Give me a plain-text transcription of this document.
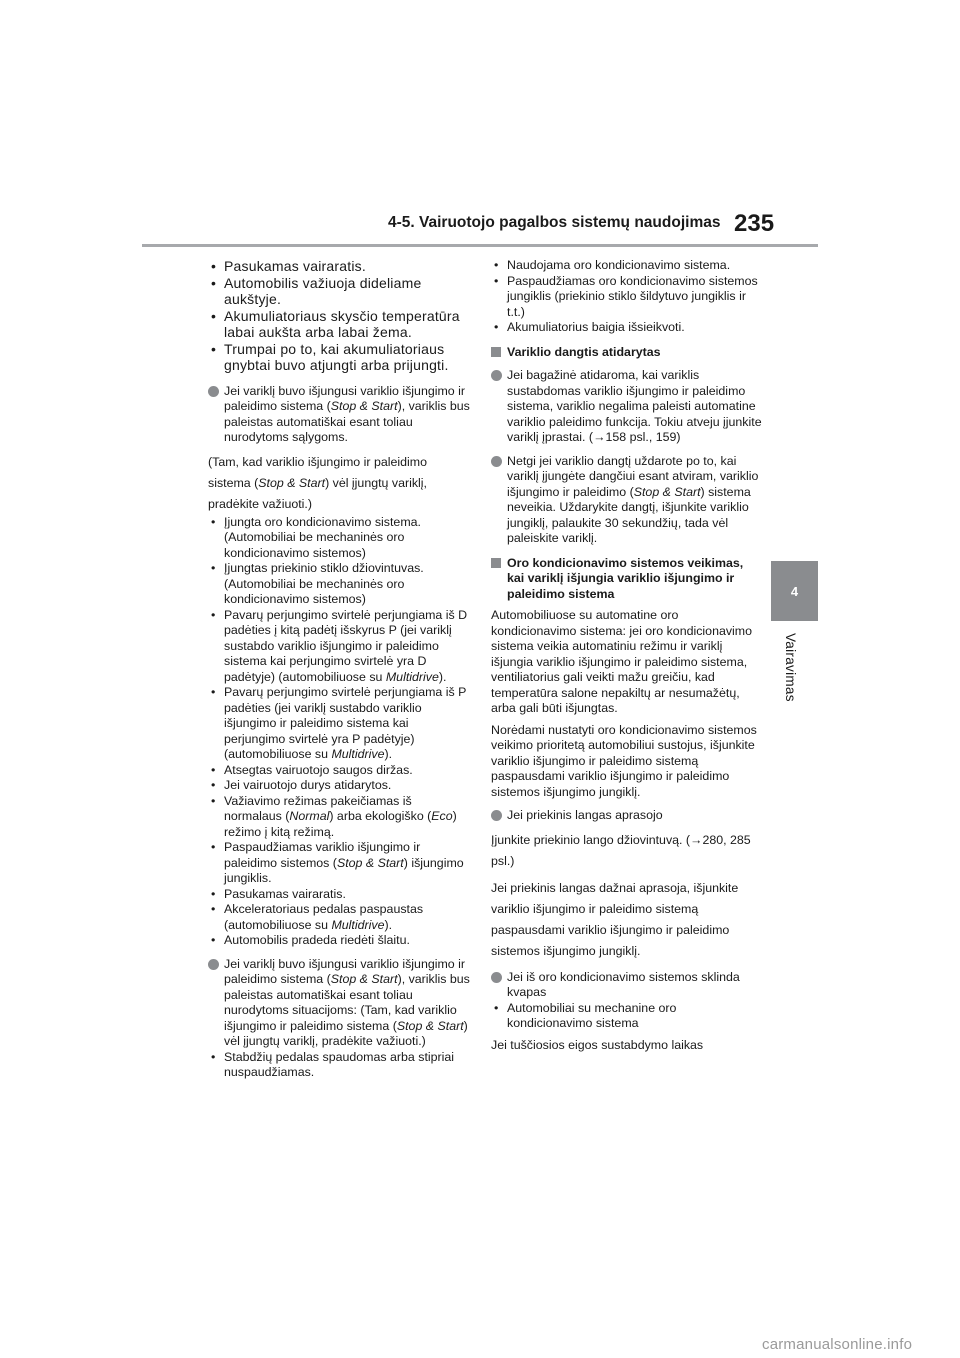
4-5. Vairuotojo pagalbos sistemų naudojimas 235
4
Vairavimas
• Pasukamas vairaratis.
• Automobilis važiuoja dideliame aukštyje.
• Akumuliatoriaus skysčio temperatūra labai aukšta arba labai žema.
• Trumpai po to, kai akumuliatoriaus gnybtai buvo atjungti arba prijungti.
Jei variklį buvo išjungusi variklio išjungimo ir paleidimo sistema (Stop & Start), variklis bus paleistas automatiškai esant toliau nurodytoms sąlygoms.

(Tam, kad variklio išjungimo ir paleidimo sistema (Stop & Start) vėl įjungtų variklį, pradėkite važiuoti.)

• Įjungta oro kondicionavimo sistema. (Automobiliai be mechaninės oro kondicionavimo sistemos)
• Įjungtas priekinio stiklo džiovintuvas. (Automobiliai be mechaninės oro kondicionavimo sistemos)
• Pavarų perjungimo svirtelė perjungiama iš D padėties į kitą padėtį išskyrus P (jei variklį sustabdo variklio išjungimo ir paleidimo sistema kai perjungimo svirtelė yra D padėtyje) (automobiliuose su Multidrive).
• Pavarų perjungimo svirtelė perjungiama iš P padėties (jei variklį sustabdo variklio išjungimo ir paleidimo sistema kai perjungimo svirtelė yra P padėtyje) (automobiliuose su Multidrive).
• Atsegtas vairuotojo saugos diržas.
• Jei vairuotojo durys atidarytos.
• Važiavimo režimas pakeičiamas iš normalaus (Normal) arba ekologiško (Eco) režimo į kitą režimą.
• Paspaudžiamas variklio išjungimo ir paleidimo sistemos (Stop & Start) išjungimo jungiklis.
• Pasukamas vairaratis.
• Akceleratoriaus pedalas paspaustas (automobiliuose su Multidrive).
• Automobilis pradeda riedėti šlaitu.
Jei variklį buvo išjungusi variklio išjungimo ir paleidimo sistema (Stop & Start), variklis bus paleistas automatiškai esant toliau nurodytoms situacijoms: (Tam, kad variklio išjungimo ir paleidimo sistema (Stop & Start) vėl įjungtų variklį, pradėkite važiuoti.)
• Stabdžių pedalas spaudomas arba stipriai nuspaudžiamas.
• Naudojama oro kondicionavimo sistema.
• Paspaudžiamas oro kondicionavimo sistemos jungiklis (priekinio stiklo šildytuvo jungiklis ir t.t.)
• Akumuliatorius baigia išsieikvoti.
Variklio dangtis atidarytas
Jei bagažinė atidaroma, kai variklis sustabdomas variklio išjungimo ir paleidimo sistema, variklio negalima paleisti automatine variklio paleidimo funkcija. Tokiu atveju įjunkite variklį įprastai. (→158 psl., 159)
Netgi jei variklio dangtį uždarote po to, kai variklį įjungėte dangčiui esant atviram, variklio išjungimo ir paleidimo (Stop & Start) sistema neveikia. Uždarykite dangtį, išjunkite variklio jungiklį, palaukite 30 sekundžių, tada vėl paleiskite variklį.
Oro kondicionavimo sistemos veikimas, kai variklį išjungia variklio išjungimo ir paleidimo sistema

Automobiliuose su automatine oro kondicionavimo sistema: jei oro kondicionavimo sistema veikia automatiniu režimu ir variklį išjungia variklio išjungimo ir paleidimo sistema, ventiliatorius gali veikti mažu greičiu, kad temperatūra salone nepakiltų ar nesumažėtų, arba gali būti išjungtas.

Norėdami nustatyti oro kondicionavimo sistemos veikimo prioritetą automobiliui sustojus, išjunkite variklio išjungimo ir paleidimo sistemą paspausdami variklio išjungimo ir paleidimo sistemos išjungimo jungiklį.

Jei priekinis langas aprasojo

Įjunkite priekinio lango džiovintuvą. (→280, 285 psl.)

Jei priekinis langas dažnai aprasoja, išjunkite variklio išjungimo ir paleidimo sistemą paspausdami variklio išjungimo ir paleidimo sistemos išjungimo jungiklį.

Jei iš oro kondicionavimo sistemos sklinda kvapas
• Automobiliai su mechanine oro kondicionavimo sistema

Jei tuščiosios eigos sustabdymo laikas

carmanualsonline.info
